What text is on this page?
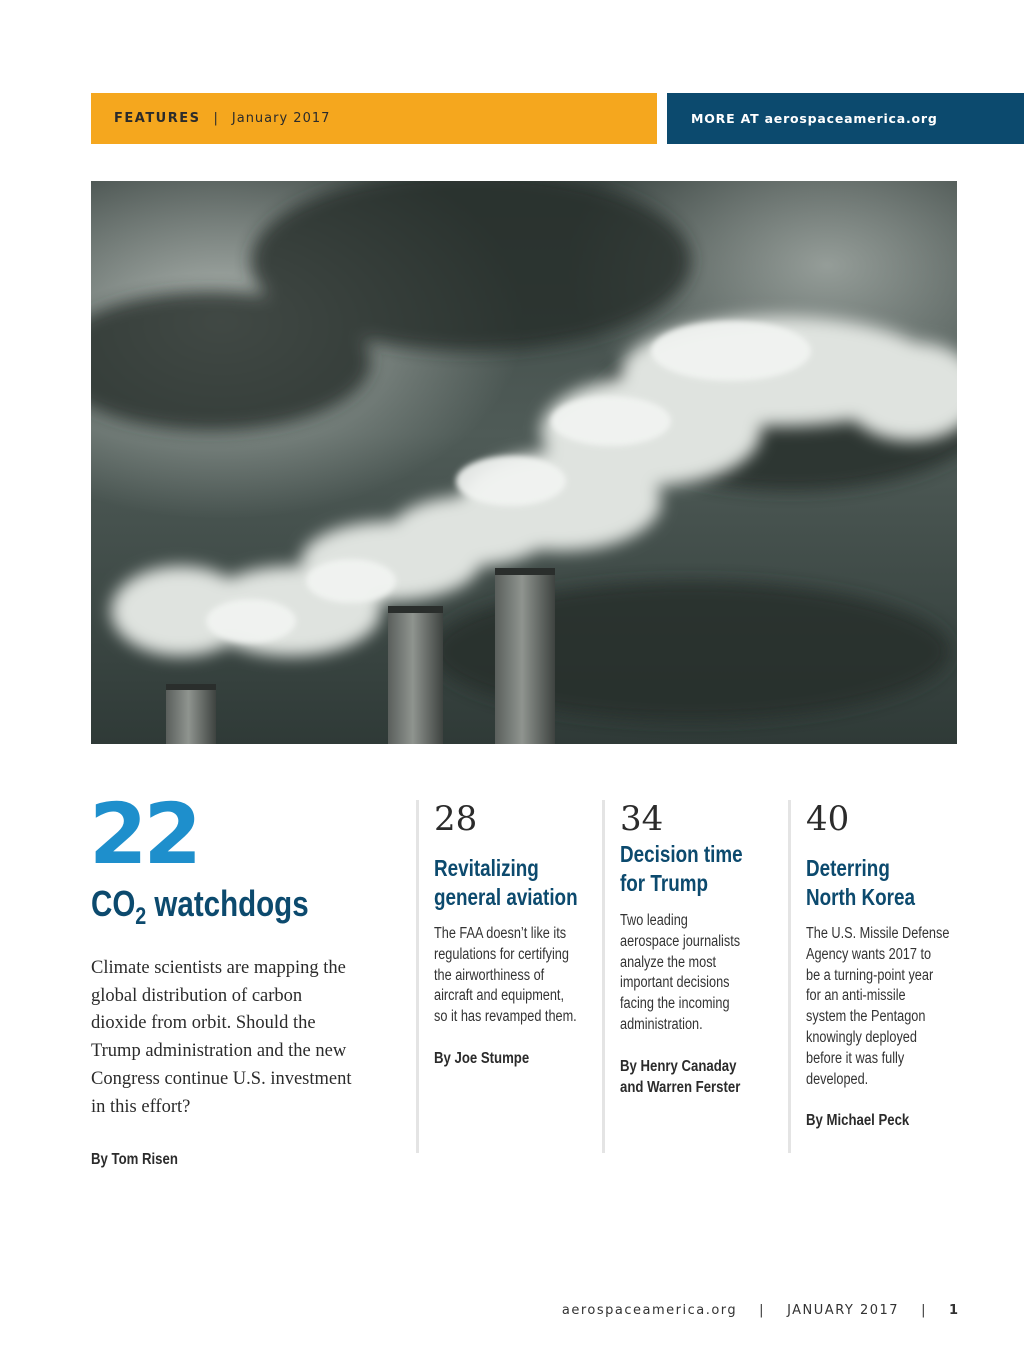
FEATURES | January 2017	MORE AT aerospaceamerica.org
22
$CO_2$ watchdogs
Climate scientists are mapping the global distribution of carbon dioxide from orbit. Should the Trump administration and the new Congress continue U.S. investment in this effort?
By Tom Risen
28
Revitalizing
general aviation
The FAA doesn’t like its
regulations for certifying
the airworthiness of
aircraft and equipment,
so it has revamped them.
By Joe Stumpe
34
Decision time
for Trump
Two leading
aerospace journalists
analyze the most
important decisions
facing the incoming
administration.
By Henry Canaday
and Warren Ferster
40
Deterring
North Korea
The U.S. Missile Defense
Agency wants 2017 to
be a turning-point year
for an anti-missile
system the Pentagon
knowingly deployed
before it was fully
developed.
By Michael Peck
aerospaceamerica.org | JANUARY 2017 | 1
